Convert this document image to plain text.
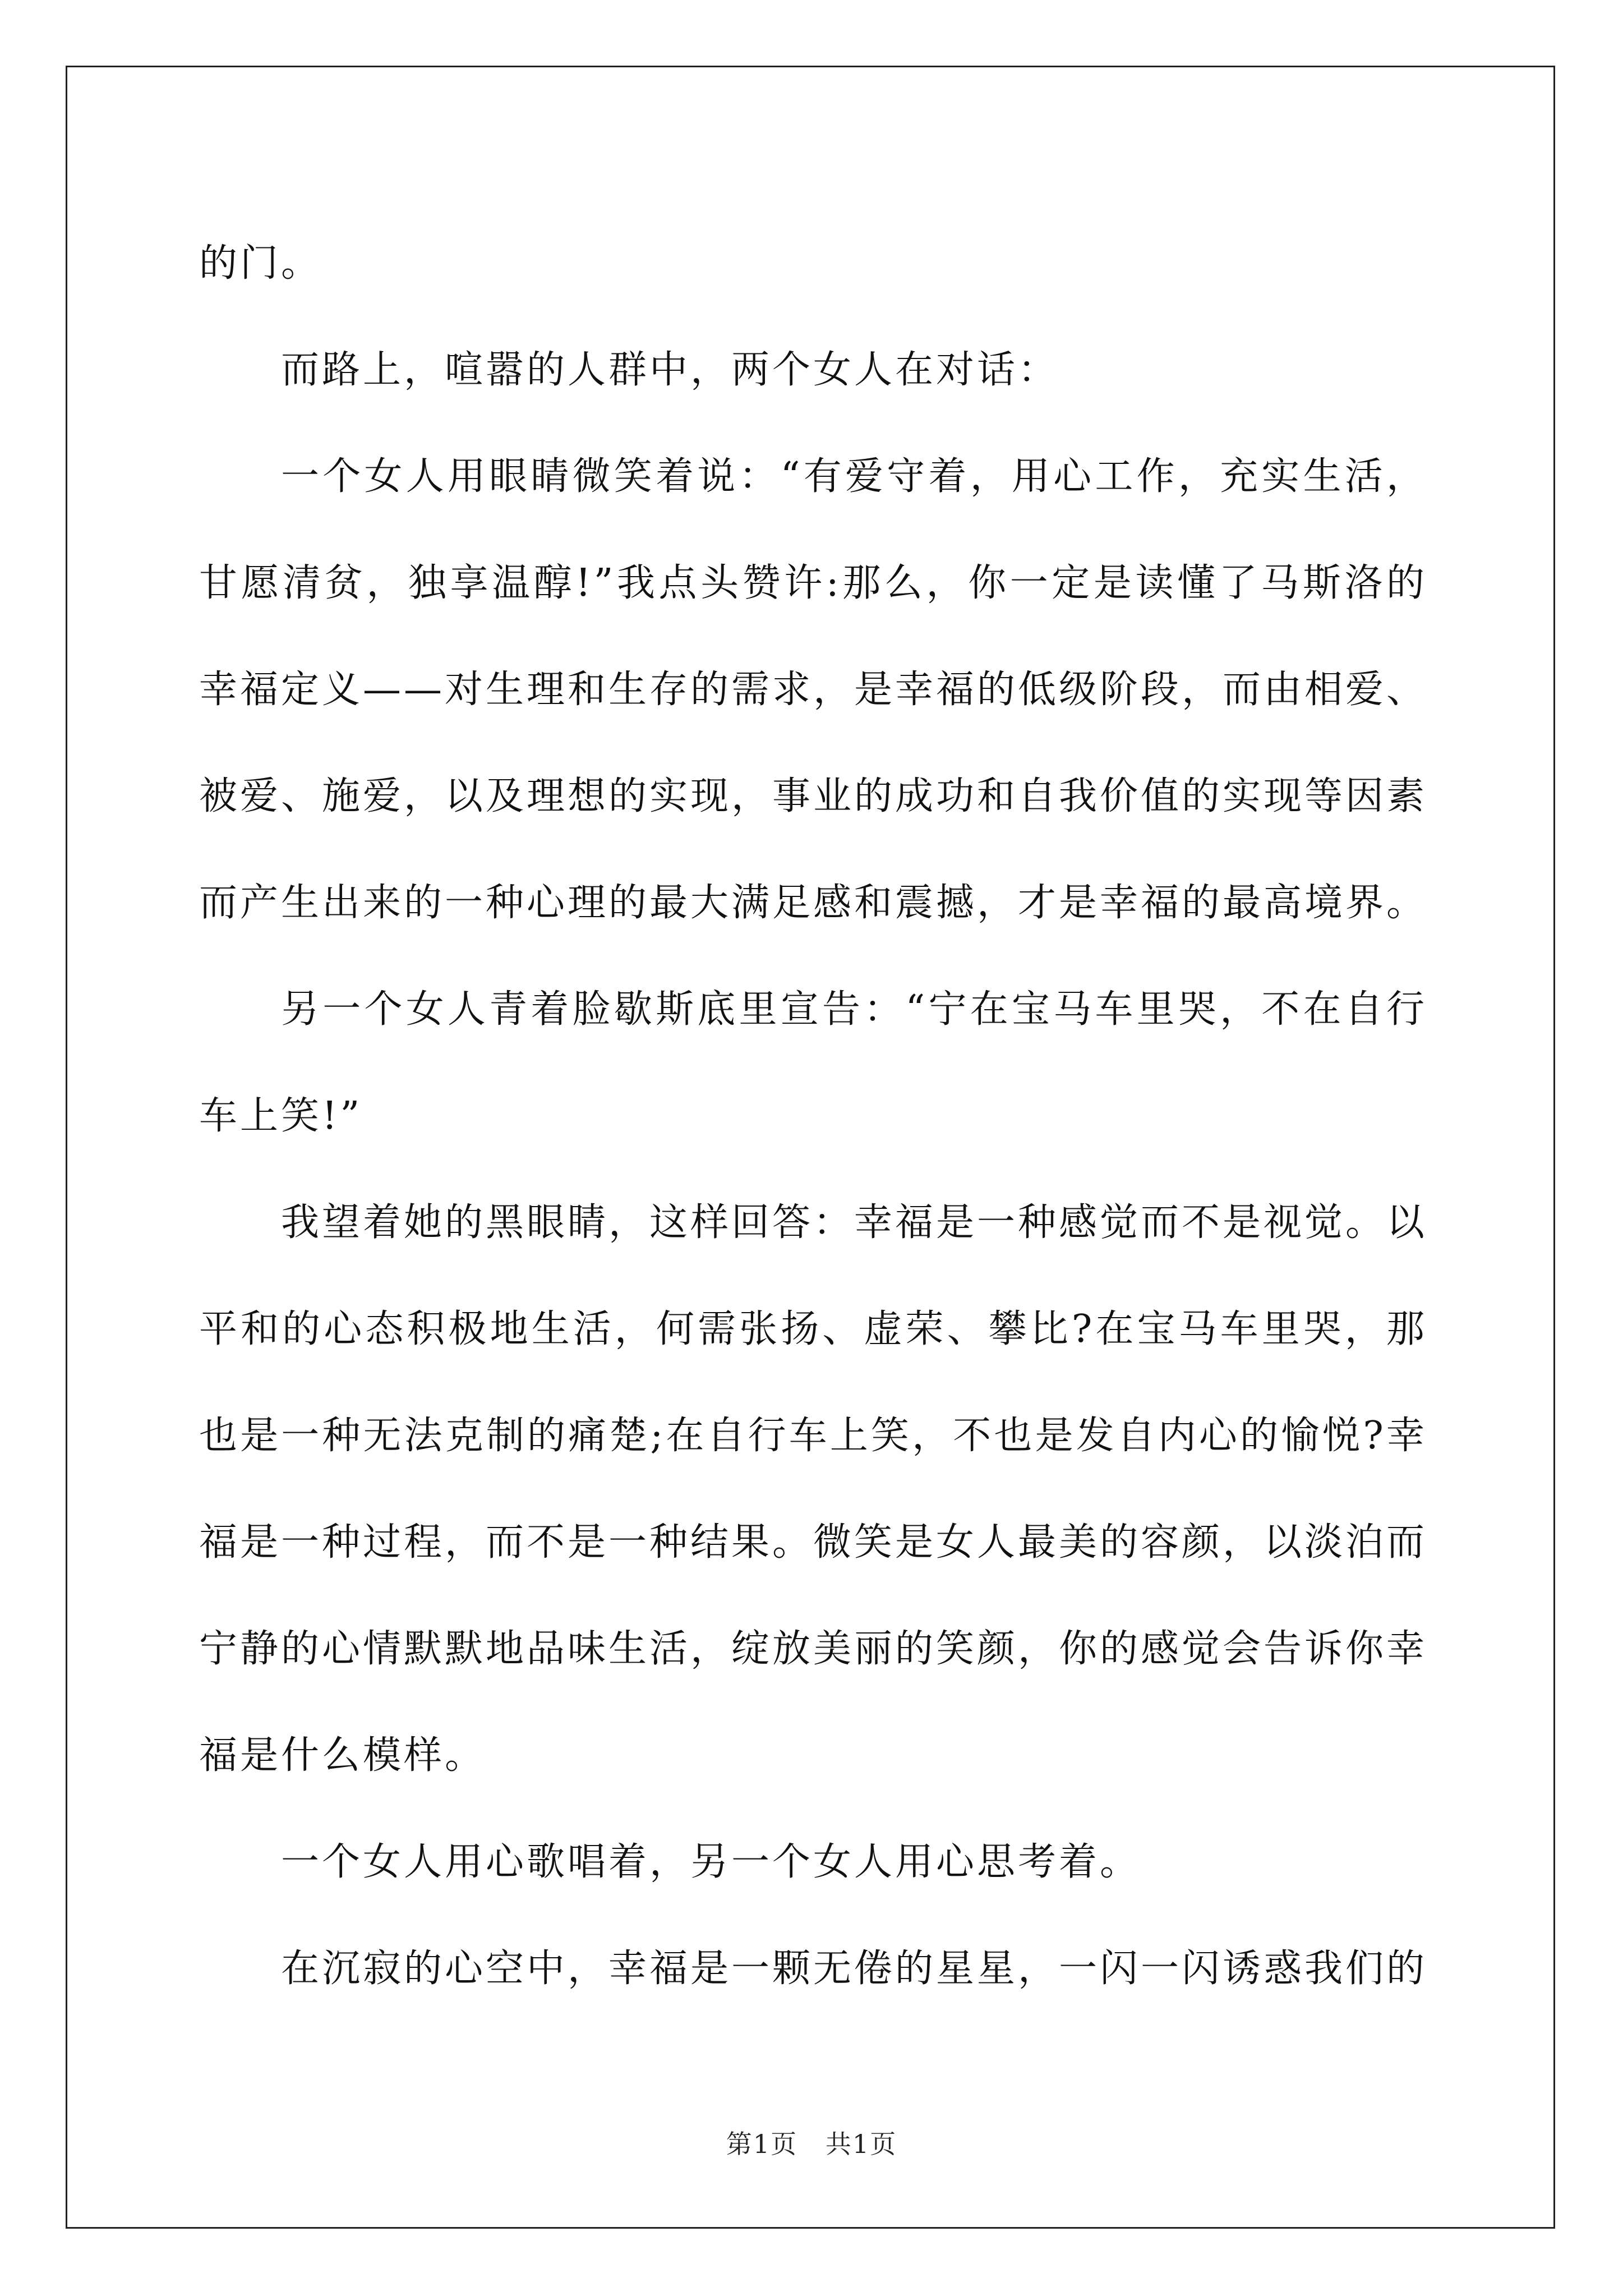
的门。

而路上，喧嚣的人群中，两个女人在对话：

一个女人用眼睛微笑着说：“有爱守着，用心工作，充实生活，甘愿清贫，独享温醇!”我点头赞许:那么，你一定是读懂了马斯洛的幸福定义——对生理和生存的需求，是幸福的低级阶段，而由相爱、被爱、施爱，以及理想的实现，事业的成功和自我价值的实现等因素而产生出来的一种心理的最大满足感和震撼，才是幸福的最高境界。

另一个女人青着脸歇斯底里宣告：“宁在宝马车里哭，不在自行车上笑!”

我望着她的黑眼睛，这样回答：幸福是一种感觉而不是视觉。以平和的心态积极地生活，何需张扬、虚荣、攀比?在宝马车里哭，那也是一种无法克制的痛楚;在自行车上笑，不也是发自内心的愉悦?幸福是一种过程，而不是一种结果。微笑是女人最美的容颜，以淡泊而宁静的心情默默地品味生活，绽放美丽的笑颜，你的感觉会告诉你幸福是什么模样。

一个女人用心歌唱着，另一个女人用心思考着。

在沉寂的心空中，幸福是一颗无倦的星星，一闪一闪诱惑我们的

第1页   共1页
